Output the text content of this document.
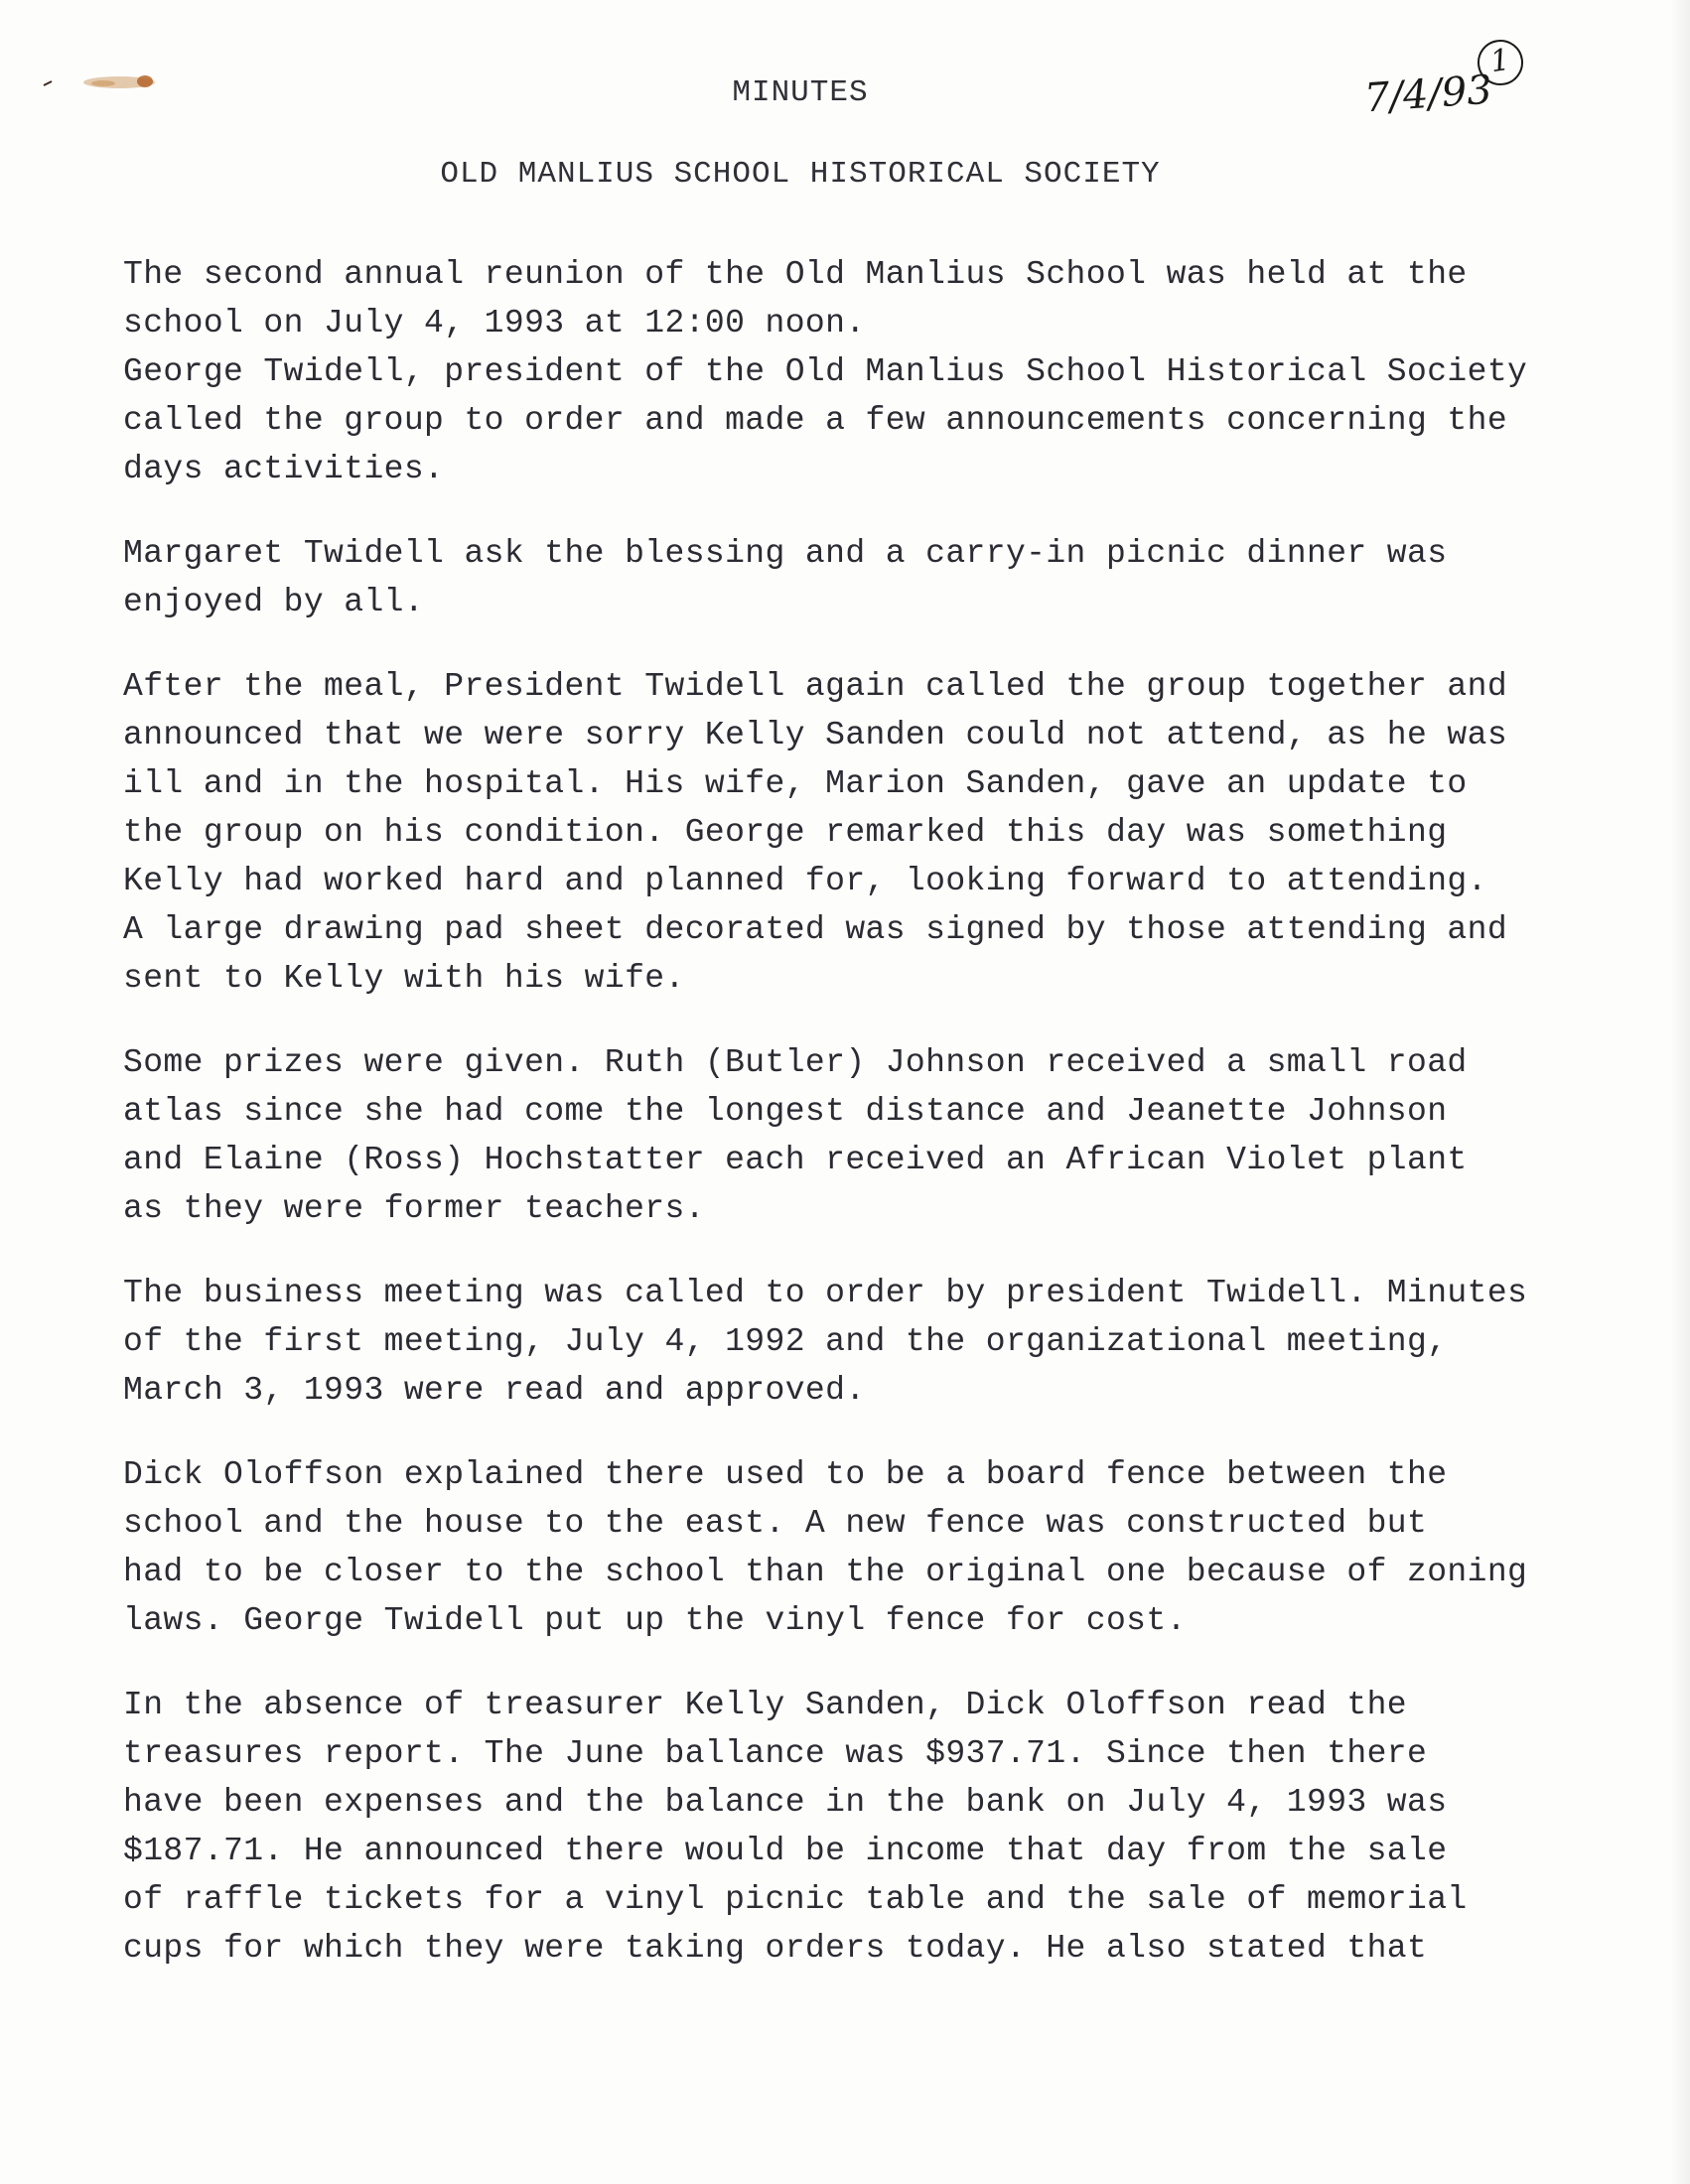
MINUTES
OLD MANLIUS SCHOOL HISTORICAL SOCIETY
7/4/93
1
The second annual reunion of the Old Manlius School was held at the
school on July 4, 1993 at 12:00 noon.
George Twidell, president of the Old Manlius School Historical Society
called the group to order and made a few announcements concerning the
days activities.
Margaret Twidell ask the blessing and a carry-in picnic dinner was
enjoyed by all.
After the meal, President Twidell again called the group together and
announced that we were sorry Kelly Sanden could not attend, as he was
ill and in the hospital. His wife, Marion Sanden, gave an update to
the group on his condition. George remarked this day was something
Kelly had worked hard and planned for, looking forward to attending.
A large drawing pad sheet decorated was signed by those attending and
sent to Kelly with his wife.
Some prizes were given. Ruth (Butler) Johnson received a small road
atlas since she had come the longest distance and Jeanette Johnson
and Elaine (Ross) Hochstatter each received an African Violet plant
as they were former teachers.
The business meeting was called to order by president Twidell. Minutes
of the first meeting, July 4, 1992 and the organizational meeting,
March 3, 1993 were read and approved.
Dick Oloffson explained there used to be a board fence between the
school and the house to the east. A new fence was constructed but
had to be closer to the school than the original one because of zoning
laws. George Twidell put up the vinyl fence for cost.
In the absence of treasurer Kelly Sanden, Dick Oloffson read the
treasures report. The June ballance was $937.71. Since then there
have been expenses and the balance in the bank on July 4, 1993 was
$187.71. He announced there would be income that day from the sale
of raffle tickets for a vinyl picnic table and the sale of memorial
cups for which they were taking orders today. He also stated that
